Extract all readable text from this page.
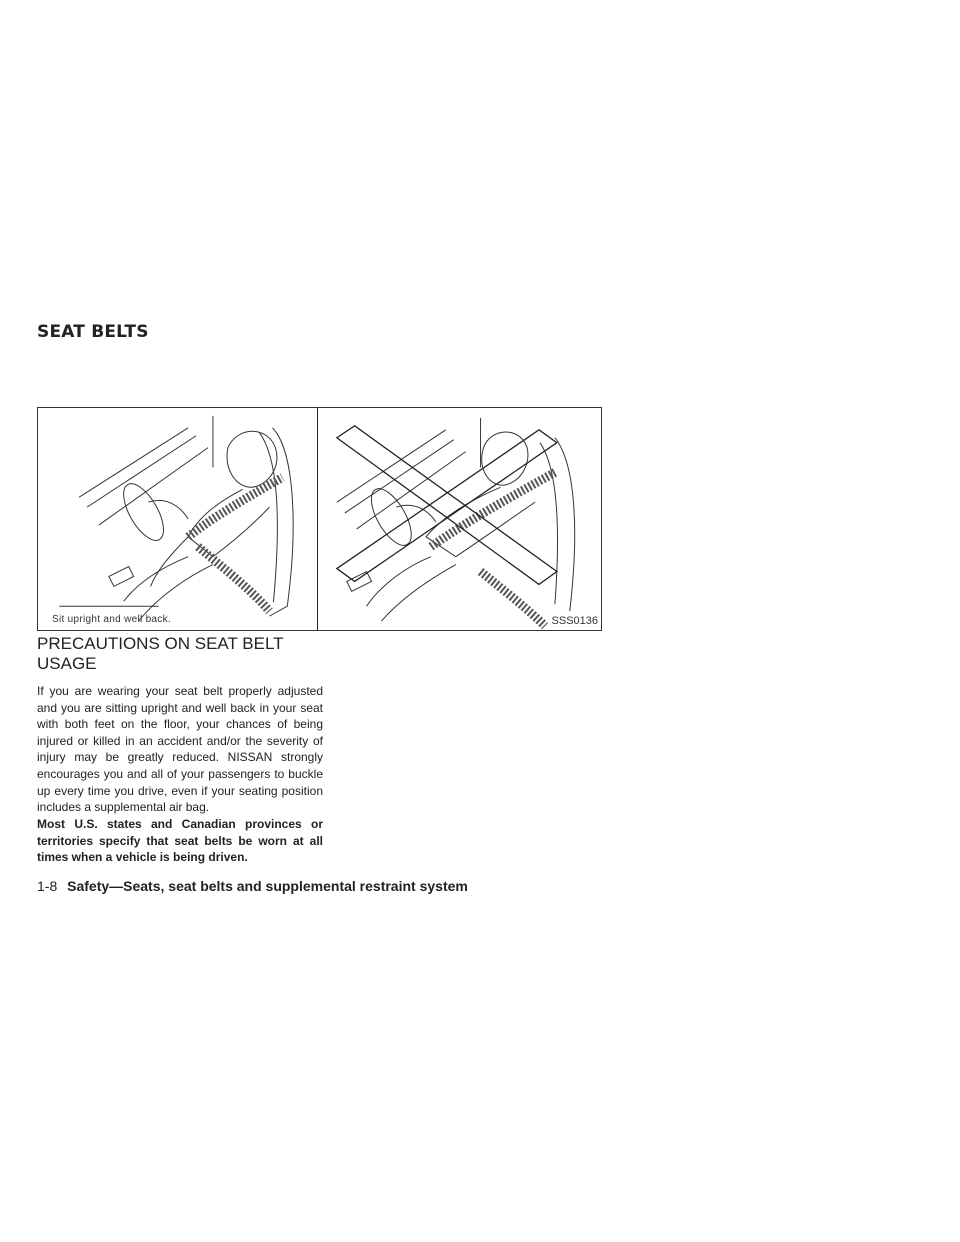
SEAT BELTS
Sit upright and well back.	SSS0136
PRECAUTIONS ON SEAT BELT USAGE

If you are wearing your seat belt properly adjusted and you are sitting upright and well back in your seat with both feet on the floor, your chances of being injured or killed in an accident and/or the severity of injury may be greatly reduced. NISSAN strongly encourages you and all of your passengers to buckle up every time you drive, even if your seating position includes a supplemental air bag.

Most U.S. states and Canadian provinces or territories specify that seat belts be worn at all times when a vehicle is being driven.

1-8 Safety—Seats, seat belts and supplemental restraint system
